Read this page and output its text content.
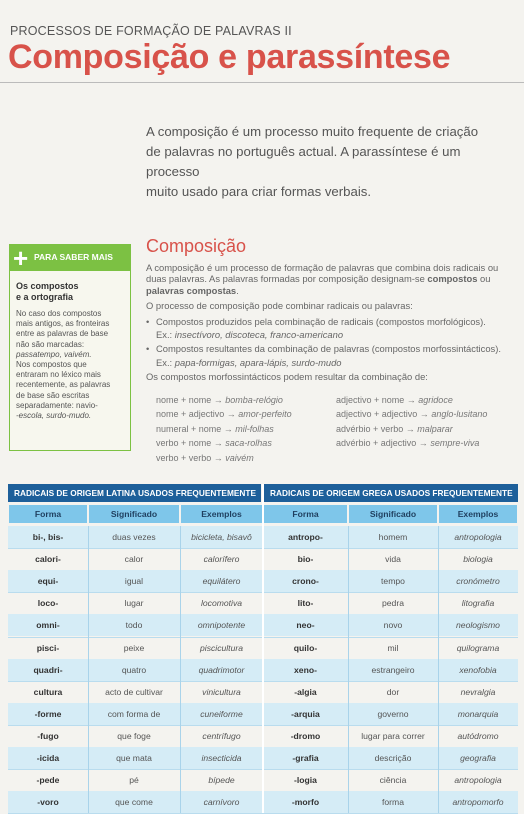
PROCESSOS DE FORMAÇÃO DE PALAVRAS II
Composição e parassíntese
A composição é um processo muito frequente de criação
de palavras no português actual. A parassíntese é um processo
muito usado para criar formas verbais.
+ PARA SABER MAIS
Os compostos
e a ortografia
No caso dos compostos
mais antigos, as fronteiras
entre as palavras de base
não são marcadas:
passatempo, vaivém.
Nos compostos que
entraram no léxico mais
recentemente, as palavras
de base são escritas
separadamente: navio-
-escola, surdo-mudo.
Composição

A composição é um processo de formação de palavras que combina dois radicais ou duas palavras. As palavras formadas por composição designam-se compostos ou palavras compostas.

O processo de composição pode combinar radicais ou palavras:

• Compostos produzidos pela combinação de radicais (compostos morfológicos).
Ex.: insectívoro, discoteca, franco-americano
• Compostos resultantes da combinação de palavras (compostos morfossintácticos).
Ex.: papa-formigas, apara-lápis, surdo-mudo

Os compostos morfossintácticos podem resultar da combinação de:

nome + nome → bomba-relógio
nome + adjectivo → amor-perfeito
numeral + nome → mil-folhas
verbo + nome → saca-rolhas
verbo + verbo → vaivém
adjectivo + nome → agridoce
adjectivo + adjectivo → anglo-lusitano
advérbio + verbo → malparar
advérbio + adjectivo → sempre-viva
RADICAIS DE ORIGEM LATINA USADOS FREQUENTEMENTE	RADICAIS DE ORIGEM GREGA USADOS FREQUENTEMENTE
Forma	Significado	Exemplos	Forma	Significado	Exemplos
bi-, bis-	duas vezes	bicicleta, bisavô
calori-	calor	calorífero
equi-	igual	equilátero
loco-	lugar	locomotiva
omni-	todo	omnipotente
pisci-	peixe	piscicultura
quadri-	quatro	quadrimotor
cultura	acto de cultivar	vinicultura
-forme	com forma de	cuneiforme
-fugo	que foge	centrífugo
-icida	que mata	insecticida
-pede	pé	bípede
-voro	que come	carnívoro
antropo-	homem	antropologia
bio-	vida	biologia
crono-	tempo	cronómetro
lito-	pedra	litografia
neo-	novo	neologismo
quilo-	mil	quilograma
xeno-	estrangeiro	xenofobia
-algia	dor	nevralgia
-arquia	governo	monarquia
-dromo	lugar para correr	autódromo
-grafia	descrição	geografia
-logia	ciência	antropologia
-morfo	forma	antropomorfo
